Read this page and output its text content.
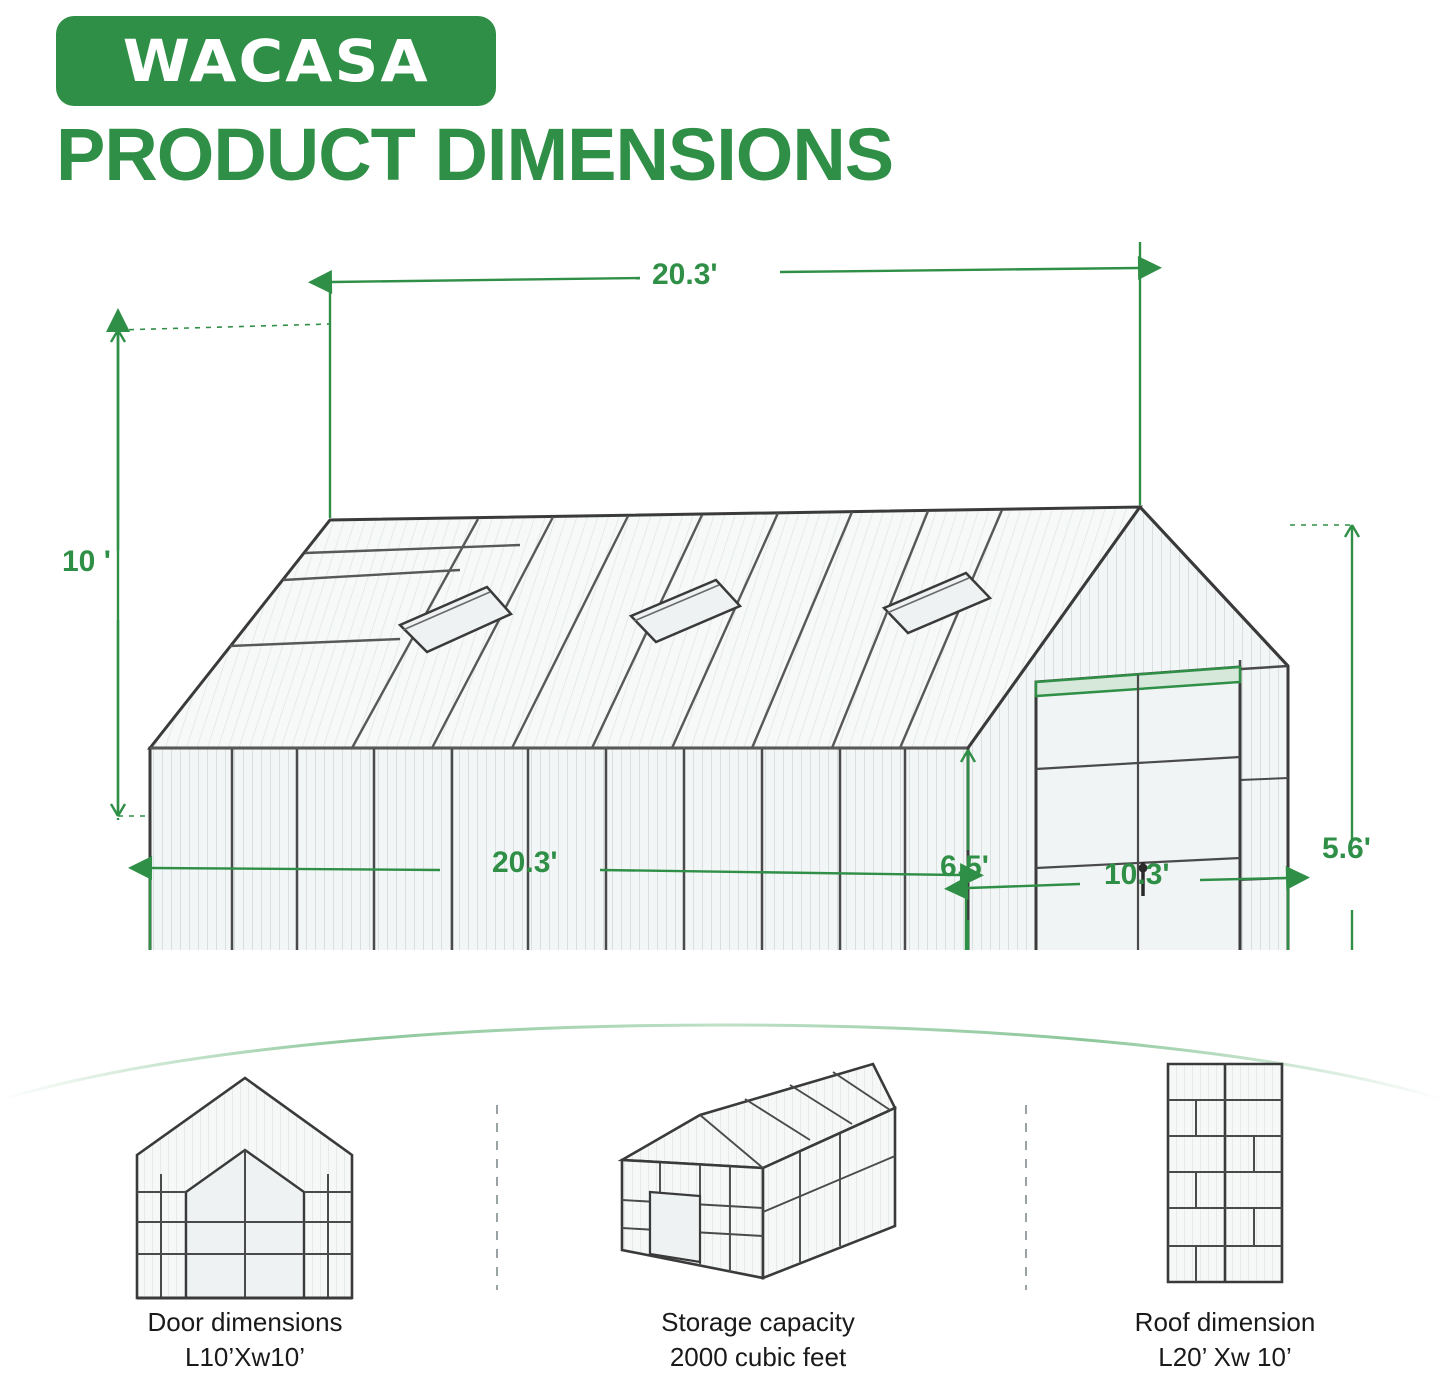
WACASA
PRODUCT DIMENSIONS
20.3'
10 '
6.5'
5.6'
20.3'	10.3'
Door dimensions
L10’Xw10’
Storage capacity
2000 cubic feet
Roof dimension
L20’ Xw 10’
